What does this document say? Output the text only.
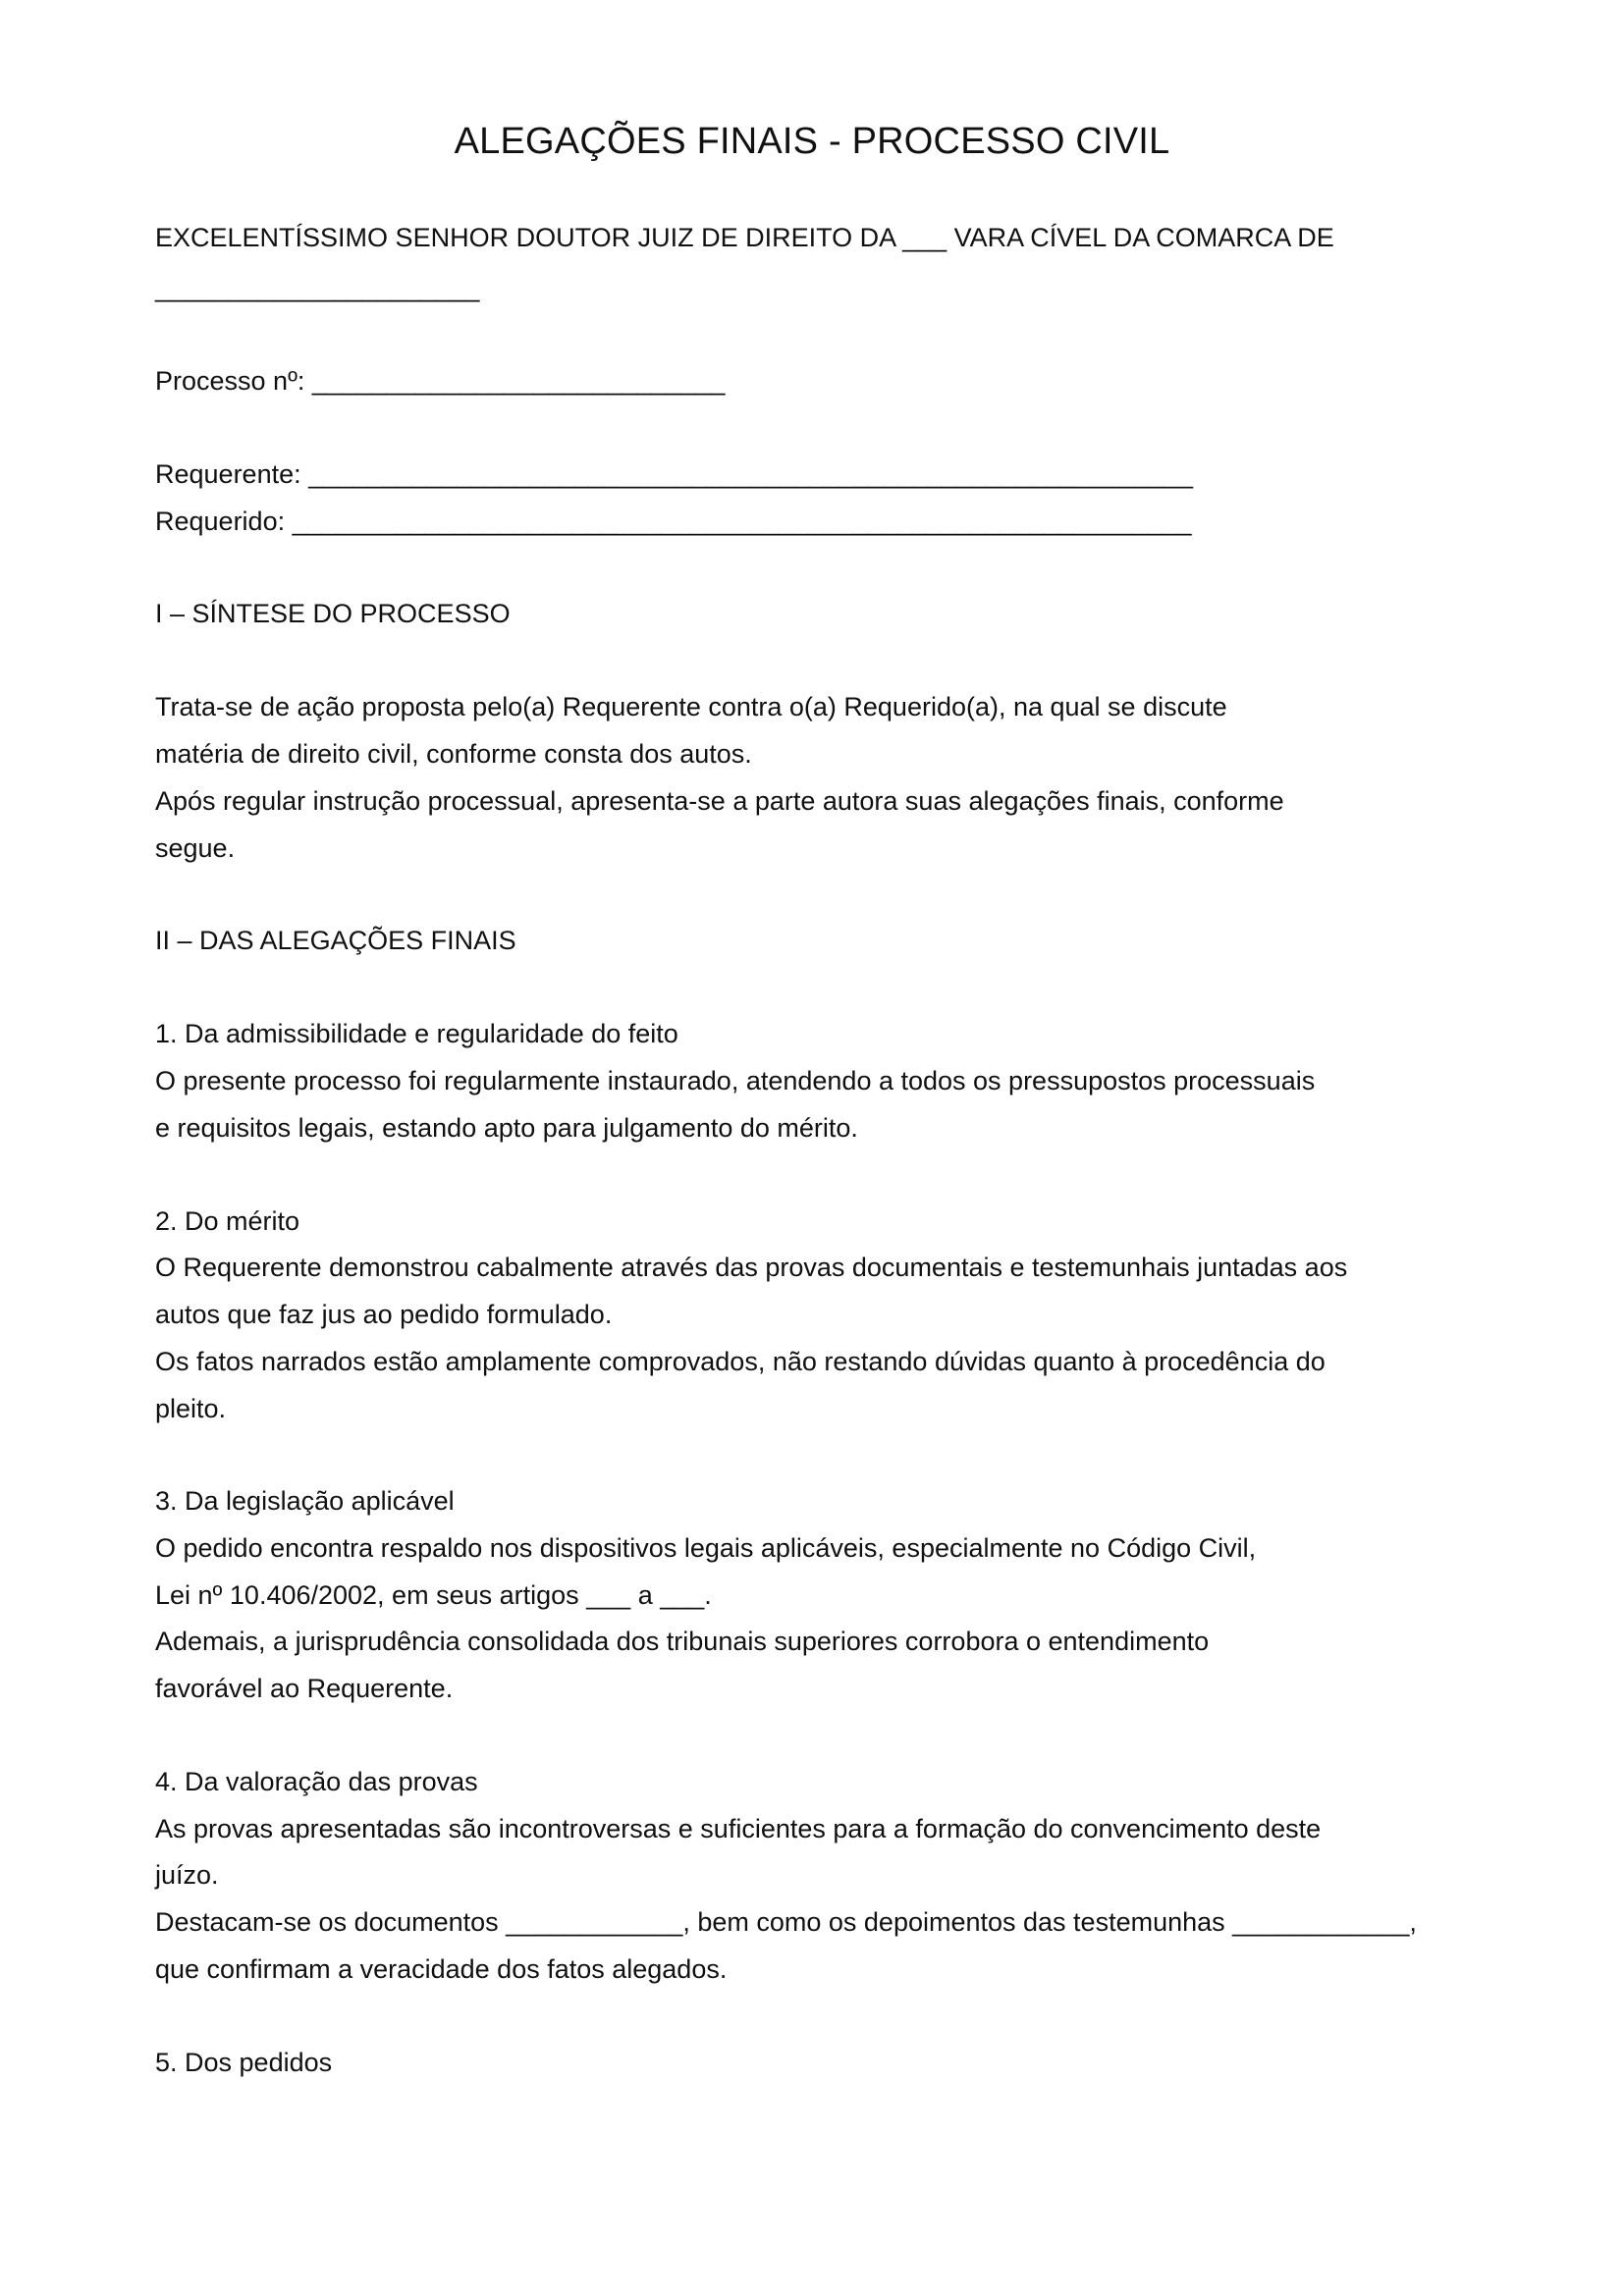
ALEGAÇÕES FINAIS - PROCESSO CIVIL
EXCELENTÍSSIMO SENHOR DOUTOR JUIZ DE DIREITO DA ___ VARA CÍVEL DA COMARCA DE
______________________
Processo nº: ____________________________
Requerente: ____________________________________________________________
Requerido: _____________________________________________________________
I – SÍNTESE DO PROCESSO
Trata-se de ação proposta pelo(a) Requerente contra o(a) Requerido(a), na qual se discute
matéria de direito civil, conforme consta dos autos.
Após regular instrução processual, apresenta-se a parte autora suas alegações finais, conforme
segue.
II – DAS ALEGAÇÕES FINAIS
1. Da admissibilidade e regularidade do feito
O presente processo foi regularmente instaurado, atendendo a todos os pressupostos processuais
e requisitos legais, estando apto para julgamento do mérito.
2. Do mérito
O Requerente demonstrou cabalmente através das provas documentais e testemunhais juntadas aos
autos que faz jus ao pedido formulado.
Os fatos narrados estão amplamente comprovados, não restando dúvidas quanto à procedência do
pleito.
3. Da legislação aplicável
O pedido encontra respaldo nos dispositivos legais aplicáveis, especialmente no Código Civil,
Lei nº 10.406/2002, em seus artigos ___ a ___.
Ademais, a jurisprudência consolidada dos tribunais superiores corrobora o entendimento
favorável ao Requerente.
4. Da valoração das provas
As provas apresentadas são incontroversas e suficientes para a formação do convencimento deste
juízo.
Destacam-se os documentos ____________, bem como os depoimentos das testemunhas ____________,
que confirmam a veracidade dos fatos alegados.
5. Dos pedidos
